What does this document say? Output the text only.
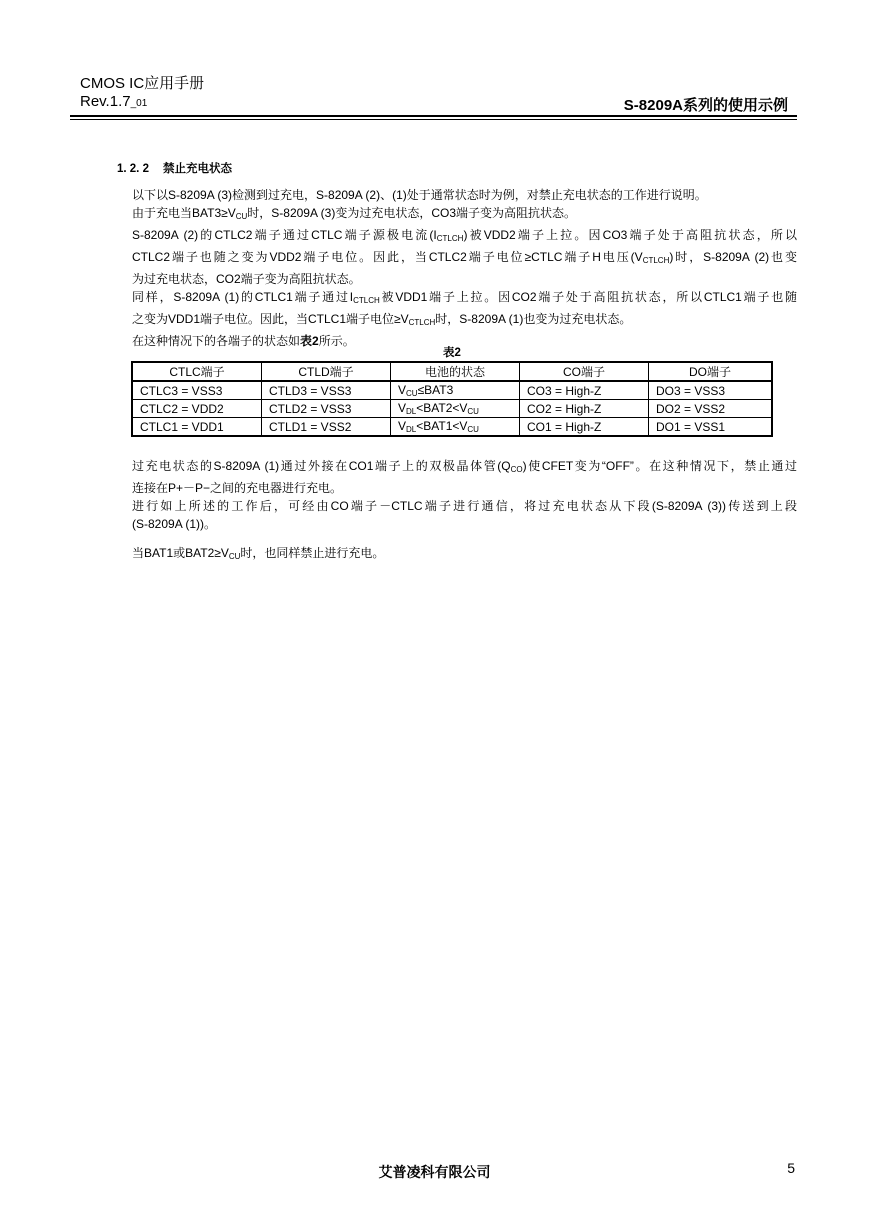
CMOS IC应用手册
Rev.1.7_01	S-8209A系列的使用示例
1. 2. 2 禁止充电状态
以下以S-8209A (3)检测到过充电，S-8209A (2)、(1)处于通常状态时为例，对禁止充电状态的工作进行说明。
由于充电当$BAT3\ge V_{CU}$时，S-8209A (3)变为过充电状态，CO3端子变为高阻抗状态。
S-8209A (2)的CTLC2端子通过CTLC端子源极电流$(I_{CTLCH})$被VDD2端子上拉。因CO3端子处于高阻抗状态，所以
CTLC2端子也随之变为VDD2端子电位。因此，当CTLC2端子电位≥CTLC端子H电压$(V_{CTLCH})$时，S-8209A (2)也变
为过充电状态，CO2端子变为高阻抗状态。
同样，S-8209A (1)的CTLC1端子通过$I_{CTLCH}$被VDD1端子上拉。因CO2端子处于高阻抗状态，所以CTLC1端子也随
之变为VDD1端子电位。因此，当CTLC1端子电位$\ge V_{CTLCH}$时，S-8209A (1)也变为过充电状态。
在这种情况下的各端子的状态如表2所示。
表2
CTLC端子	CTLD端子	电池的状态	CO端子	DO端子
CTLC3 = VSS3	CTLD3 = VSS3	$V_{CU}\le BAT3$	CO3 = High-Z	DO3 = VSS3
CTLC2 = VDD2	CTLD2 = VSS3	$V_{DL}<BAT2<V_{CU}$	CO2 = High-Z	DO2 = VSS2
CTLC1 = VDD1	CTLD1 = VSS2	$V_{DL}<BAT1<V_{CU}$	CO1 = High-Z	DO1 = VSS1
过充电状态的S-8209A (1)通过外接在CO1端子上的双极晶体管$(Q_{CO})$使CFET变为“OFF”。在这种情况下，禁止通过
连接在P+－P−之间的充电器进行充电。
进行如上所述的工作后，可经由CO端子－CTLC端子进行通信，将过充电状态从下段(S-8209A (3))传送到上段
(S-8209A (1))。
当BAT1或$BAT2\ge V_{CU}$时，也同样禁止进行充电。
艾普凌科有限公司	5
